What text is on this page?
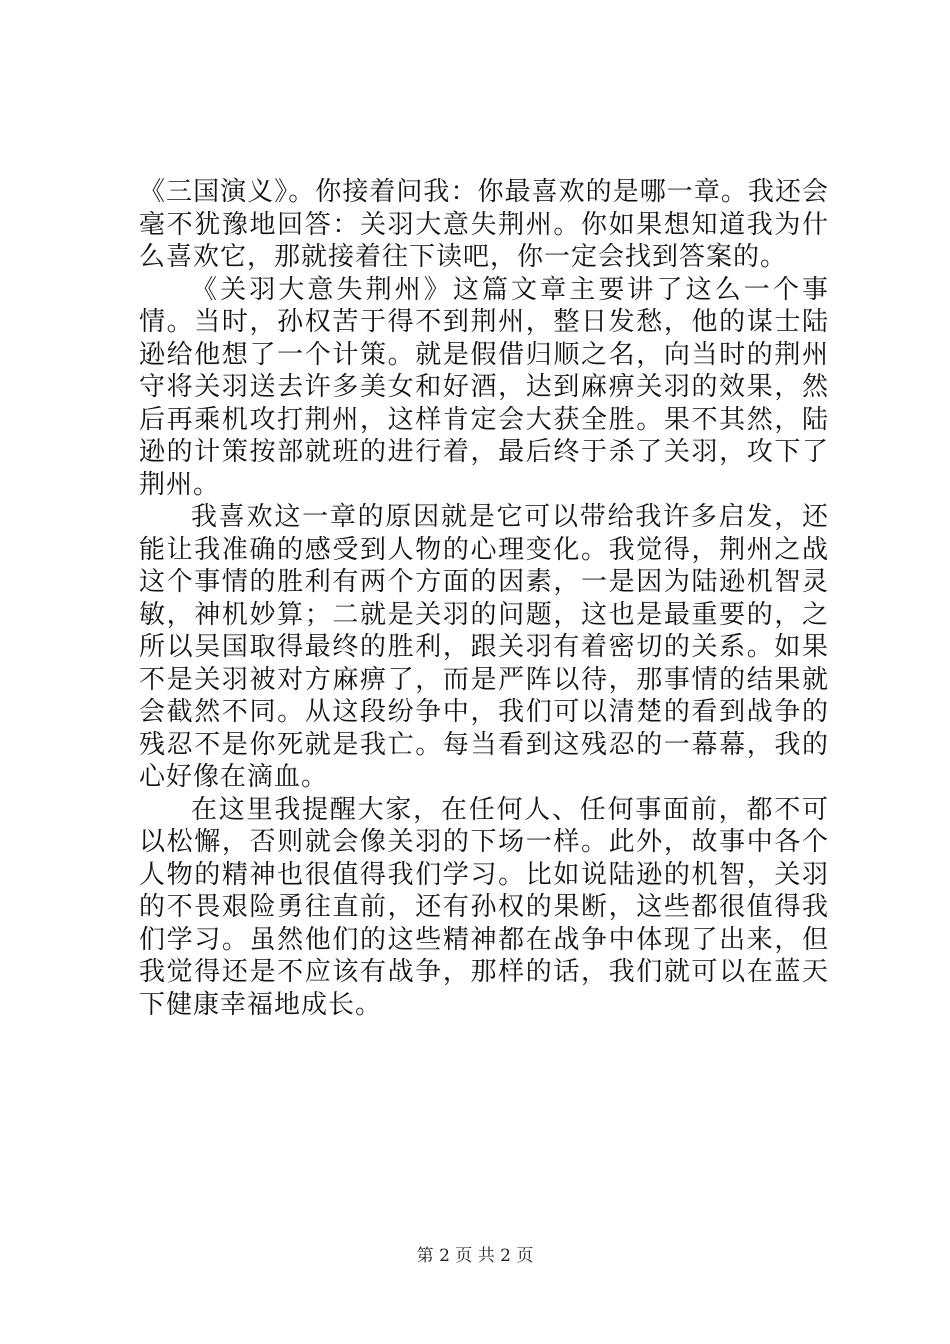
《三国演义》。你接着问我：你最喜欢的是哪一章。我还会毫不犹豫地回答：关羽大意失荆州。你如果想知道我为什么喜欢它，那就接着往下读吧，你一定会找到答案的。

《关羽大意失荆州》这篇文章主要讲了这么一个事情。当时，孙权苦于得不到荆州，整日发愁，他的谋士陆逊给他想了一个计策。就是假借归顺之名，向当时的荆州守将关羽送去许多美女和好酒，达到麻痹关羽的效果，然后再乘机攻打荆州，这样肯定会大获全胜。果不其然，陆逊的计策按部就班的进行着，最后终于杀了关羽，攻下了荆州。

我喜欢这一章的原因就是它可以带给我许多启发，还能让我准确的感受到人物的心理变化。我觉得，荆州之战这个事情的胜利有两个方面的因素，一是因为陆逊机智灵敏，神机妙算；二就是关羽的问题，这也是最重要的，之所以吴国取得最终的胜利，跟关羽有着密切的关系。如果不是关羽被对方麻痹了，而是严阵以待，那事情的结果就会截然不同。从这段纷争中，我们可以清楚的看到战争的残忍不是你死就是我亡。每当看到这残忍的一幕幕，我的心好像在滴血。

在这里我提醒大家，在任何人、任何事面前，都不可以松懈，否则就会像关羽的下场一样。此外，故事中各个人物的精神也很值得我们学习。比如说陆逊的机智，关羽的不畏艰险勇往直前，还有孙权的果断，这些都很值得我们学习。虽然他们的这些精神都在战争中体现了出来，但我觉得还是不应该有战争，那样的话，我们就可以在蓝天下健康幸福地成长。

第 2 页 共 2 页
